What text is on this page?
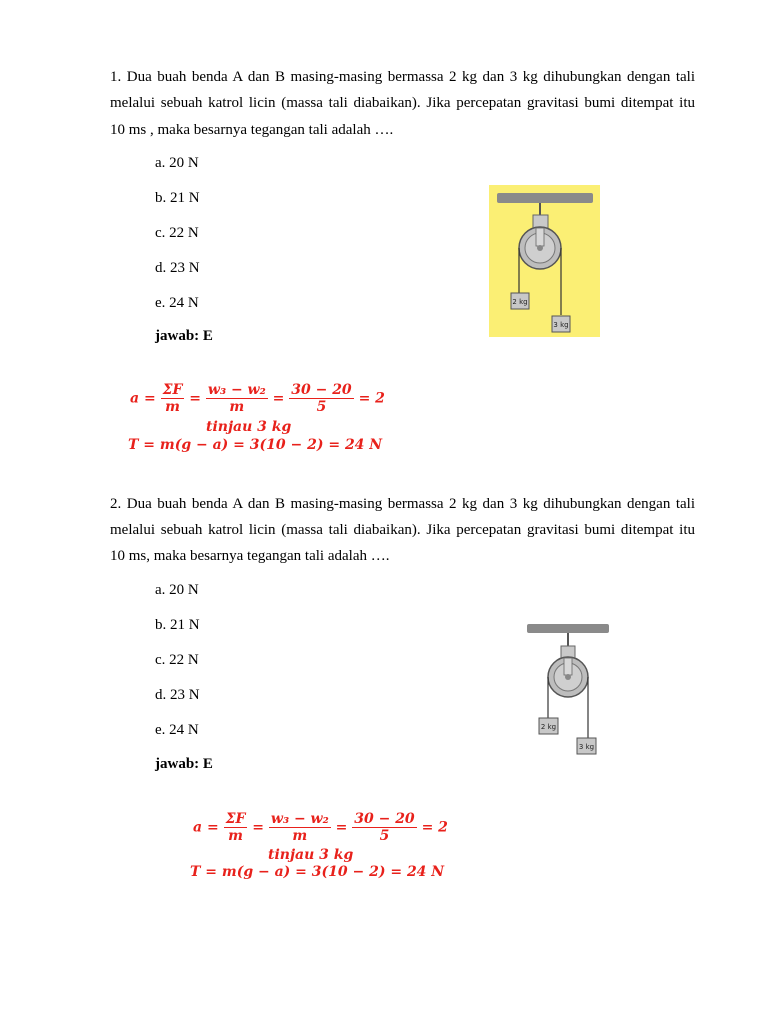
1. Dua buah benda A dan B masing-masing bermassa 2 kg dan 3 kg dihubungkan dengan tali
melalui sebuah katrol licin (massa tali diabaikan). Jika percepatan gravitasi bumi ditempat itu
10 ms , maka besarnya tegangan tali adalah ….
a. 20 N
b. 21 N
c. 22 N
d. 23 N
e. 24 N
jawab: E
2 kg
3 kg
$a = \frac{\Sigma F}{m} = \frac{\text{w₃ − w₂}}{m} = \frac{30 - 20}{5} = 2$
tinjau 3 kg
T = m(g − a) = 3(10 − 2) = 24 N
2. Dua buah benda A dan B masing-masing bermassa 2 kg dan 3 kg dihubungkan dengan tali
melalui sebuah katrol licin (massa tali diabaikan). Jika percepatan gravitasi bumi ditempat itu
10 ms, maka besarnya tegangan tali adalah ….
a. 20 N
b. 21 N
c. 22 N
d. 23 N
e. 24 N
jawab: E
2 kg
3 kg
$a = \frac{\Sigma F}{m} = \frac{\text{w₃ − w₂}}{m} = \frac{30 - 20}{5} = 2$
tinjau 3 kg
T = m(g − a) = 3(10 − 2) = 24 N
